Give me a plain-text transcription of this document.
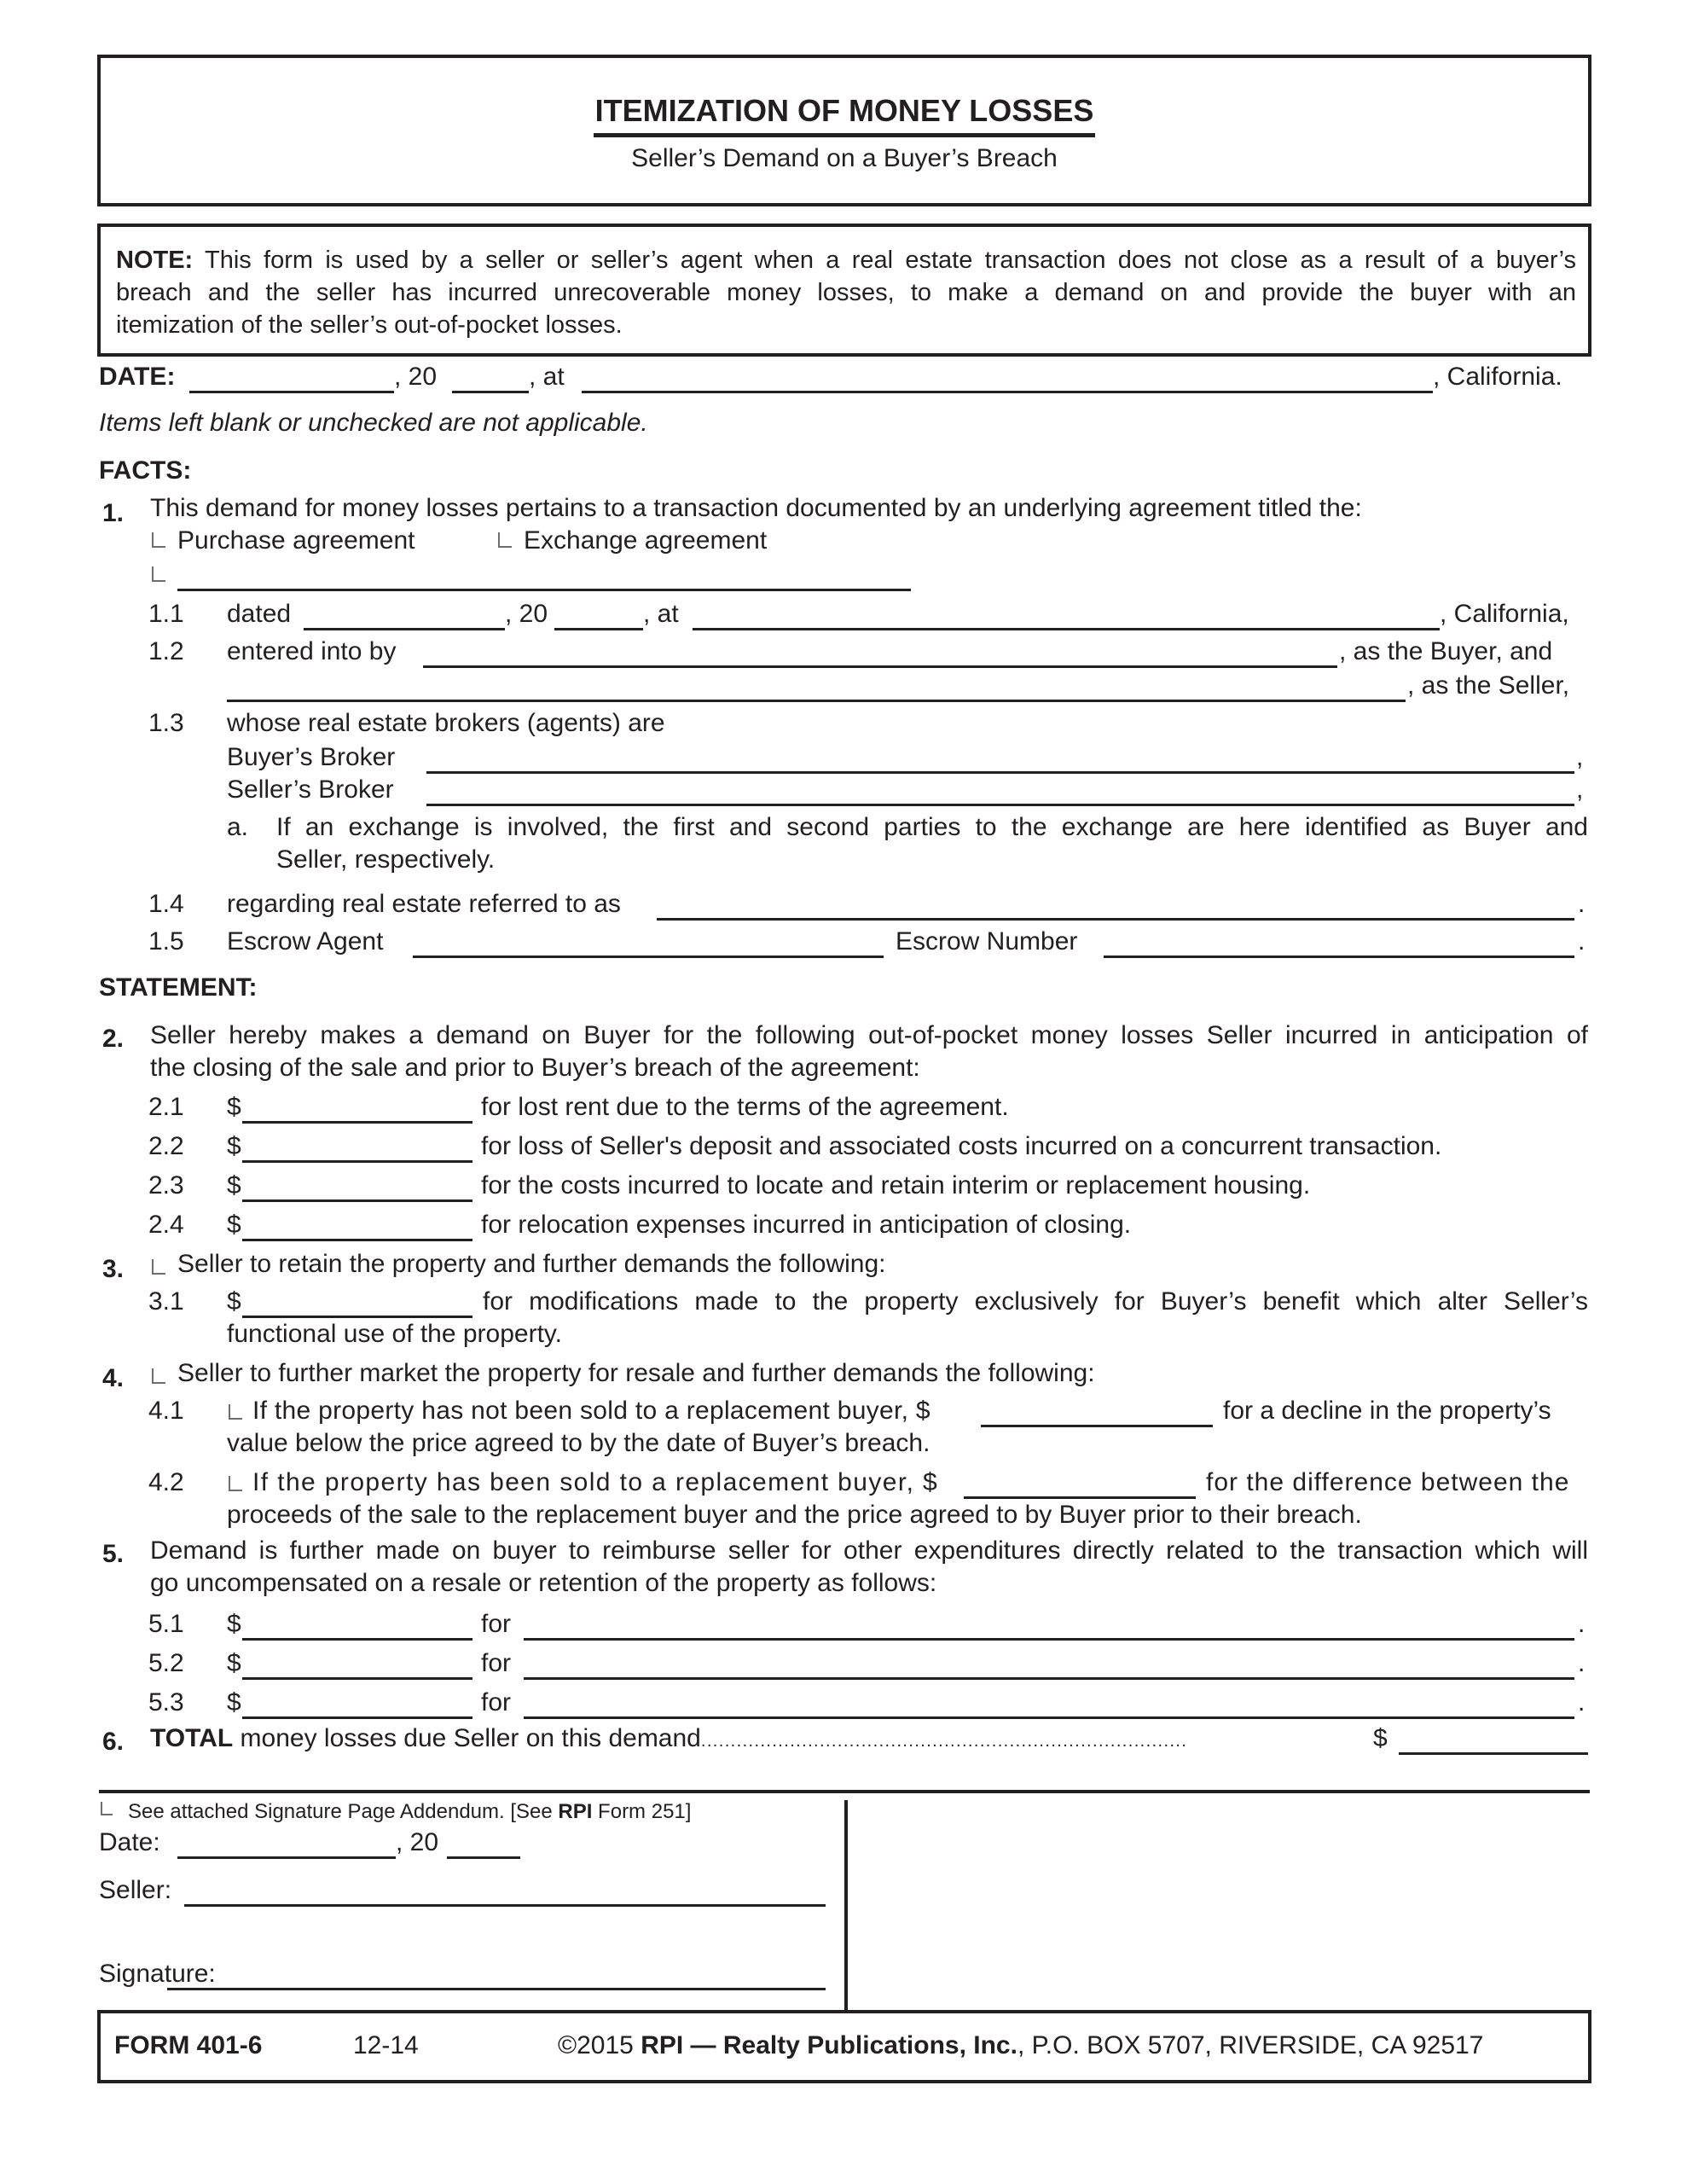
ITEMIZATION OF MONEY LOSSES
Seller’s Demand on a Buyer’s Breach
NOTE: This form is used by a seller or seller’s agent when a real estate transaction does not close as a result of a buyer’s
breach and the seller has incurred unrecoverable money losses, to make a demand on and provide the buyer with an
itemization of the seller’s out-of-pocket losses.
DATE:	, 20	, at	, California.
Items left blank or unchecked are not applicable.
FACTS:
1. This demand for money losses pertains to a transaction documented by an underlying agreement titled the:
Purchase agreement	Exchange agreement
1.1 dated	, 20	, at	, California,
1.2 entered into by	, as the Buyer, and
, as the Seller,
1.3 whose real estate brokers (agents) are
Buyer’s Broker	,
Seller’s Broker	,
a. If an exchange is involved, the first and second parties to the exchange are here identified as Buyer and
Seller, respectively.
1.4 regarding real estate referred to as	.
1.5 Escrow Agent	Escrow Number	.
STATEMENT:
2. Seller hereby makes a demand on Buyer for the following out-of-pocket money losses Seller incurred in anticipation of
the closing of the sale and prior to Buyer’s breach of the agreement:
2.1 $	for lost rent due to the terms of the agreement.
2.2 $	for loss of Seller's deposit and associated costs incurred on a concurrent transaction.
2.3 $	for the costs incurred to locate and retain interim or replacement housing.
2.4 $	for relocation expenses incurred in anticipation of closing.
3. Seller to retain the property and further demands the following:
3.1 $	for modifications made to the property exclusively for Buyer’s benefit which alter Seller’s
functional use of the property.
4. Seller to further market the property for resale and further demands the following:
4.1	If the property has not been sold to a replacement buyer, $	for a decline in the property’s
value below the price agreed to by the date of Buyer’s breach.
4.2	If the property has been sold to a replacement buyer, $	for the difference between the
proceeds of the sale to the replacement buyer and the price agreed to by Buyer prior to their breach.
5. Demand is further made on buyer to reimburse seller for other expenditures directly related to the transaction which will
go uncompensated on a resale or retention of the property as follows:
5.1 $	for	.
5.2 $	for	.
5.3 $	for	.
6. TOTAL money losses due Seller on this demand..................................................................................	$
See attached Signature Page Addendum. [See RPI Form 251]
Date:	, 20
Seller:
Signature:
FORM 401-6	12-14	©2015 RPI — Realty Publications, Inc., P.O. BOX 5707, RIVERSIDE, CA 92517
